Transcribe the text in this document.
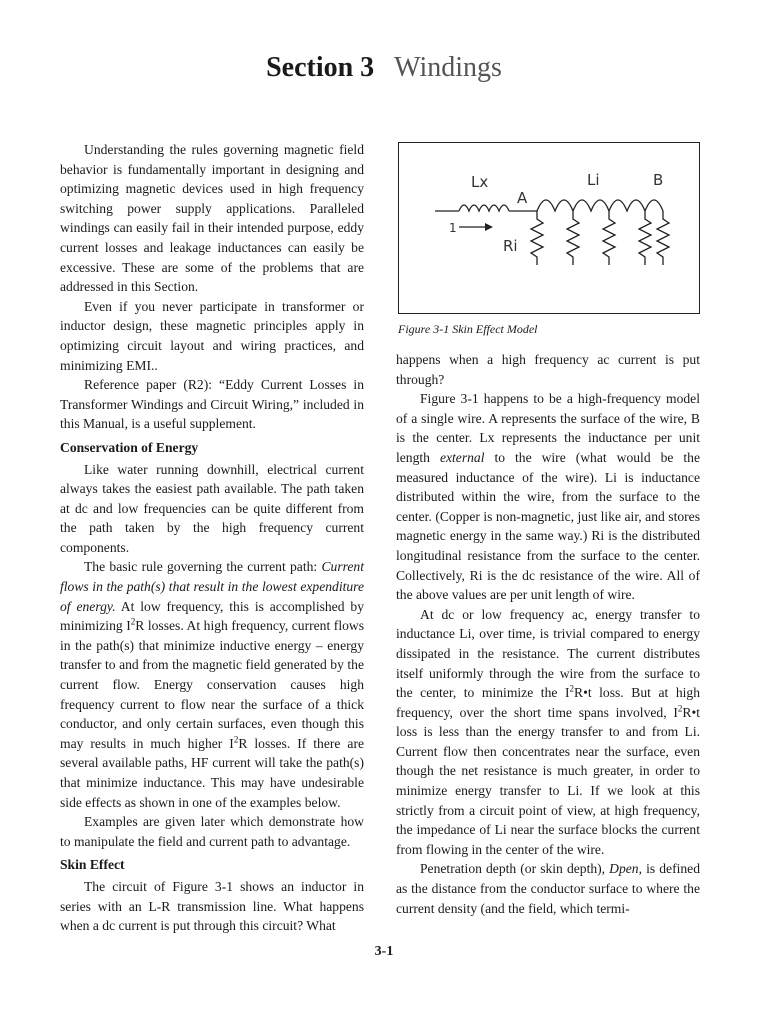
Section 3 Windings

Understanding the rules governing magnetic field behavior is fundamentally important in designing and optimizing magnetic devices used in high frequency switching power supply applications. Paralleled windings can easily fail in their intended purpose, eddy current losses and leakage inductances can easily be excessive. These are some of the problems that are addressed in this Section.

Even if you never participate in transformer or inductor design, these magnetic principles apply in optimizing circuit layout and wiring practices, and minimizing EMI..

Reference paper (R2): “Eddy Current Losses in Transformer Windings and Circuit Wiring,” included in this Manual, is a useful supplement.

Conservation of Energy

Like water running downhill, electrical current always takes the easiest path available. The path taken at dc and low frequencies can be quite different from the path taken by the high frequency current components.

The basic rule governing the current path: Current flows in the path(s) that result in the lowest expenditure of energy. At low frequency, this is accomplished by minimizing $I^2R$ losses. At high frequency, current flows in the path(s) that minimize inductive energy – energy transfer to and from the magnetic field generated by the current flow. Energy conservation causes high frequency current to flow near the surface of a thick conductor, and only certain surfaces, even though this may results in much higher $I^2R$ losses. If there are several available paths, HF current will take the path(s) that minimize inductance. This may have undesirable side effects as shown in one of the examples below.

Examples are given later which demonstrate how to manipulate the field and current path to advantage.

Skin Effect

The circuit of Figure 3-1 shows an inductor in series with an L-R transmission line. What happens when a dc current is put through this circuit? What

Lx
A
Li	B
Ri
1
Figure 3-1 Skin Effect Model

happens when a high frequency ac current is put through?

Figure 3-1 happens to be a high-frequency model of a single wire. A represents the surface of the wire, B is the center. Lx represents the inductance per unit length external to the wire (what would be the measured inductance of the wire). Li is inductance distributed within the wire, from the surface to the center. (Copper is non-magnetic, just like air, and stores magnetic energy in the same way.) Ri is the distributed longitudinal resistance from the surface to the center. Collectively, Ri is the dc resistance of the wire. All of the above values are per unit length of wire.

At dc or low frequency ac, energy transfer to inductance Li, over time, is trivial compared to energy dissipated in the resistance. The current distributes itself uniformly through the wire from the surface to the center, to minimize the $I^2R•t$ loss. But at high frequency, over the short time spans involved, $I^2R•t$ loss is less than the energy transfer to and from Li. Current flow then concentrates near the surface, even though the net resistance is much greater, in order to minimize energy transfer to Li. If we look at this strictly from a circuit point of view, at high frequency, the impedance of Li near the surface blocks the current from flowing in the center of the wire.

Penetration depth (or skin depth), Dpen, is defined as the distance from the conductor surface to where the current density (and the field, which termi-

3-1
